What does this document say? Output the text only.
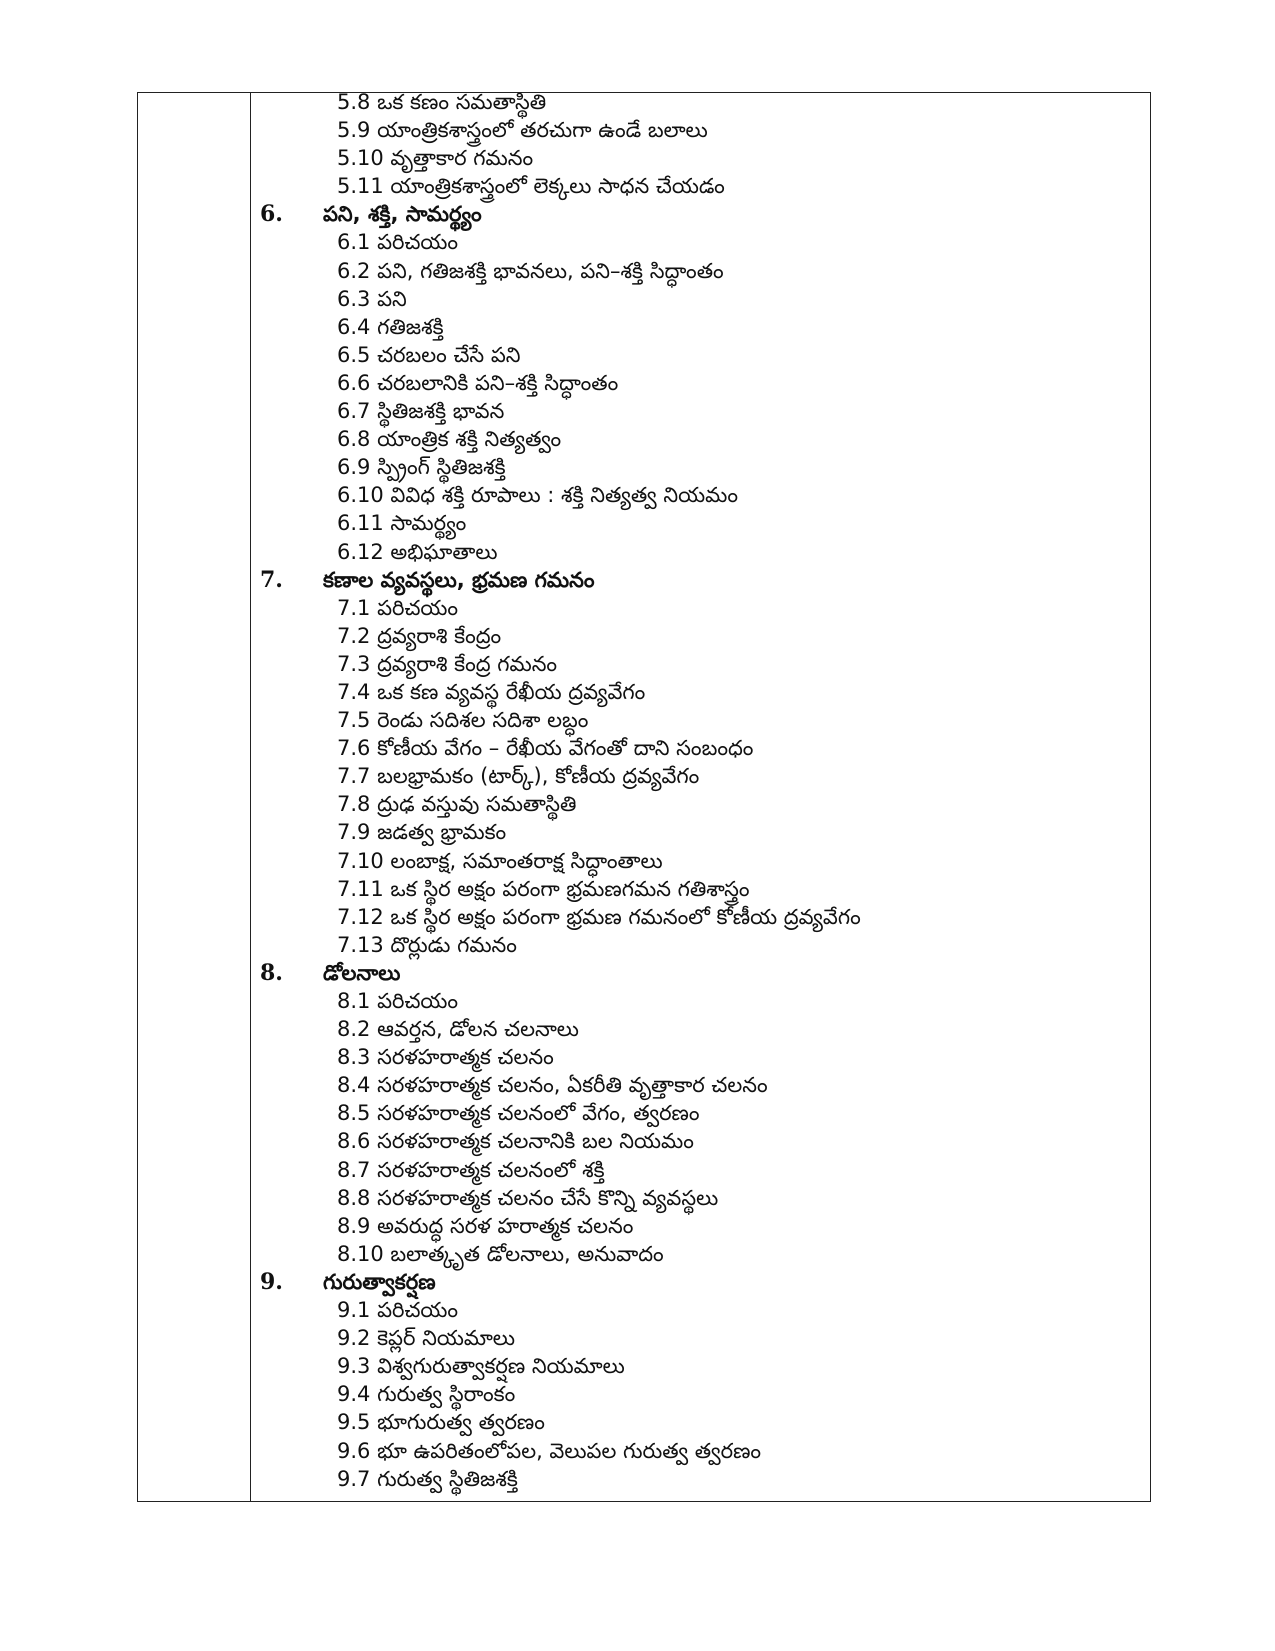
5.8 ఒక కణం సమతాస్థితి
5.9 యాంత్రికశాస్త్రంలో తరచుగా ఉండే బలాలు
5.10 వృత్తాకార గమనం
5.11 యాంత్రికశాస్త్రంలో లెక్కలు సాధన చేయడం
6. పని, శక్తి, సామర్థ్యం
6.1 పరిచయం
6.2 పని, గతిజశక్తి భావనలు, పని–శక్తి సిద్ధాంతం
6.3 పని
6.4 గతిజశక్తి
6.5 చరబలం చేసే పని
6.6 చరబలానికి పని–శక్తి సిద్ధాంతం
6.7 స్థితిజశక్తి భావన
6.8 యాంత్రిక శక్తి నిత్యత్వం
6.9 స్ప్రింగ్ స్థితిజశక్తి
6.10 వివిధ శక్తి రూపాలు : శక్తి నిత్యత్వ నియమం
6.11 సామర్థ్యం
6.12 అభిఘాతాలు
7. కణాల వ్యవస్థలు, భ్రమణ గమనం
7.1 పరిచయం
7.2 ద్రవ్యరాశి కేంద్రం
7.3 ద్రవ్యరాశి కేంద్ర గమనం
7.4 ఒక కణ వ్యవస్థ రేఖీయ ద్రవ్యవేగం
7.5 రెండు సదిశల సదిశా లబ్ధం
7.6 కోణీయ వేగం – రేఖీయ వేగంతో దాని సంబంధం
7.7 బలభ్రామకం (టార్క్), కోణీయ ద్రవ్యవేగం
7.8 ద్రుఢ వస్తువు సమతాస్థితి
7.9 జడత్వ భ్రామకం
7.10 లంబాక్ష, సమాంతరాక్ష సిద్ధాంతాలు
7.11 ఒక స్థిర అక్షం పరంగా భ్రమణగమన గతిశాస్త్రం
7.12 ఒక స్థిర అక్షం పరంగా భ్రమణ గమనంలో కోణీయ ద్రవ్యవేగం
7.13 దొర్లుడు గమనం
8. డోలనాలు
8.1 పరిచయం
8.2 ఆవర్తన, డోలన చలనాలు
8.3 సరళహరాత్మక చలనం
8.4 సరళహరాత్మక చలనం, ఏకరీతి వృత్తాకార చలనం
8.5 సరళహరాత్మక చలనంలో వేగం, త్వరణం
8.6 సరళహరాత్మక చలనానికి బల నియమం
8.7 సరళహరాత్మక చలనంలో శక్తి
8.8 సరళహరాత్మక చలనం చేసే కొన్ని వ్యవస్థలు
8.9 అవరుద్ధ సరళ హరాత్మక చలనం
8.10 బలాత్కృత డోలనాలు, అనువాదం
9. గురుత్వాకర్షణ
9.1 పరిచయం
9.2 కెప్లర్ నియమాలు
9.3 విశ్వగురుత్వాకర్షణ నియమాలు
9.4 గురుత్వ స్థిరాంకం
9.5 భూగురుత్వ త్వరణం
9.6 భూ ఉపరితంలోపల, వెలుపల గురుత్వ త్వరణం
9.7 గురుత్వ స్థితిజశక్తి
